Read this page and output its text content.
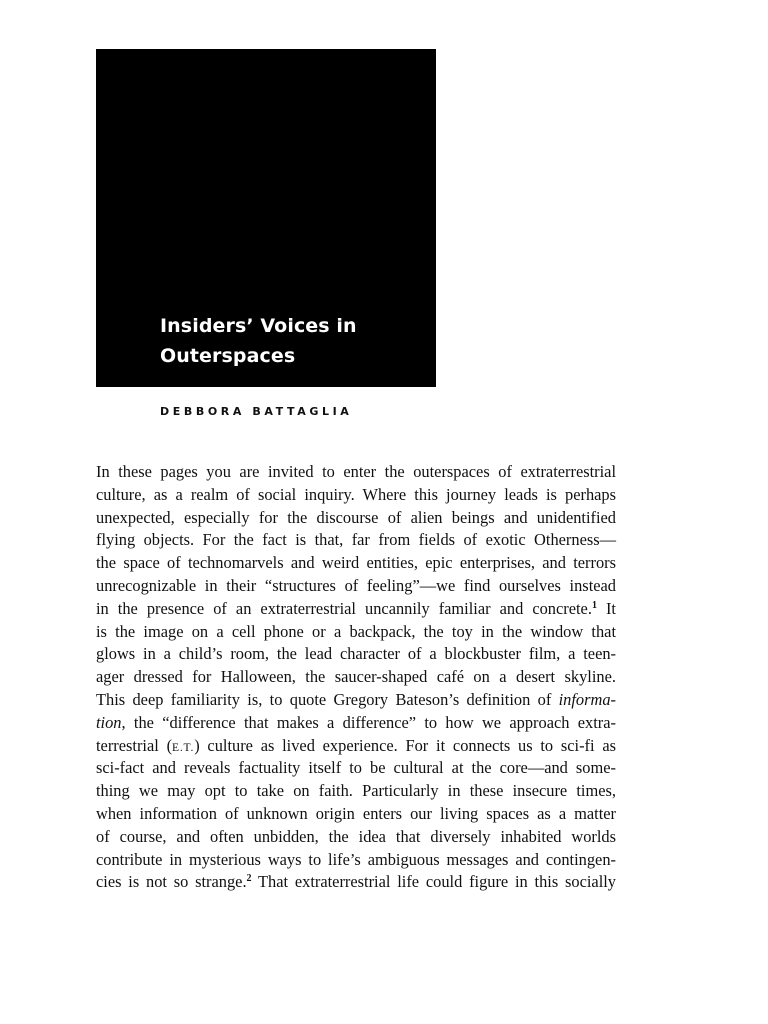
Insiders’ Voices in
Outerspaces

DEBBORA BATTAGLIA

In these pages you are invited to enter the outerspaces of extraterrestrial
culture, as a realm of social inquiry. Where this journey leads is perhaps
unexpected, especially for the discourse of alien beings and unidentified
flying objects. For the fact is that, far from fields of exotic Otherness—
the space of technomarvels and weird entities, epic enterprises, and terrors
unrecognizable in their “structures of feeling”—we find ourselves instead
in the presence of an extraterrestrial uncannily familiar and concrete.$^1$ It
is the image on a cell phone or a backpack, the toy in the window that
glows in a child’s room, the lead character of a blockbuster film, a teen-
ager dressed for Halloween, the saucer-shaped café on a desert skyline.
This deep familiarity is, to quote Gregory Bateson’s definition of informa-
tion, the “difference that makes a difference” to how we approach extra-
terrestrial (E.T.) culture as lived experience. For it connects us to sci-fi as
sci-fact and reveals factuality itself to be cultural at the core—and some-
thing we may opt to take on faith. Particularly in these insecure times,
when information of unknown origin enters our living spaces as a matter
of course, and often unbidden, the idea that diversely inhabited worlds
contribute in mysterious ways to life’s ambiguous messages and contingen-
cies is not so strange.$^2$ That extraterrestrial life could figure in this socially
